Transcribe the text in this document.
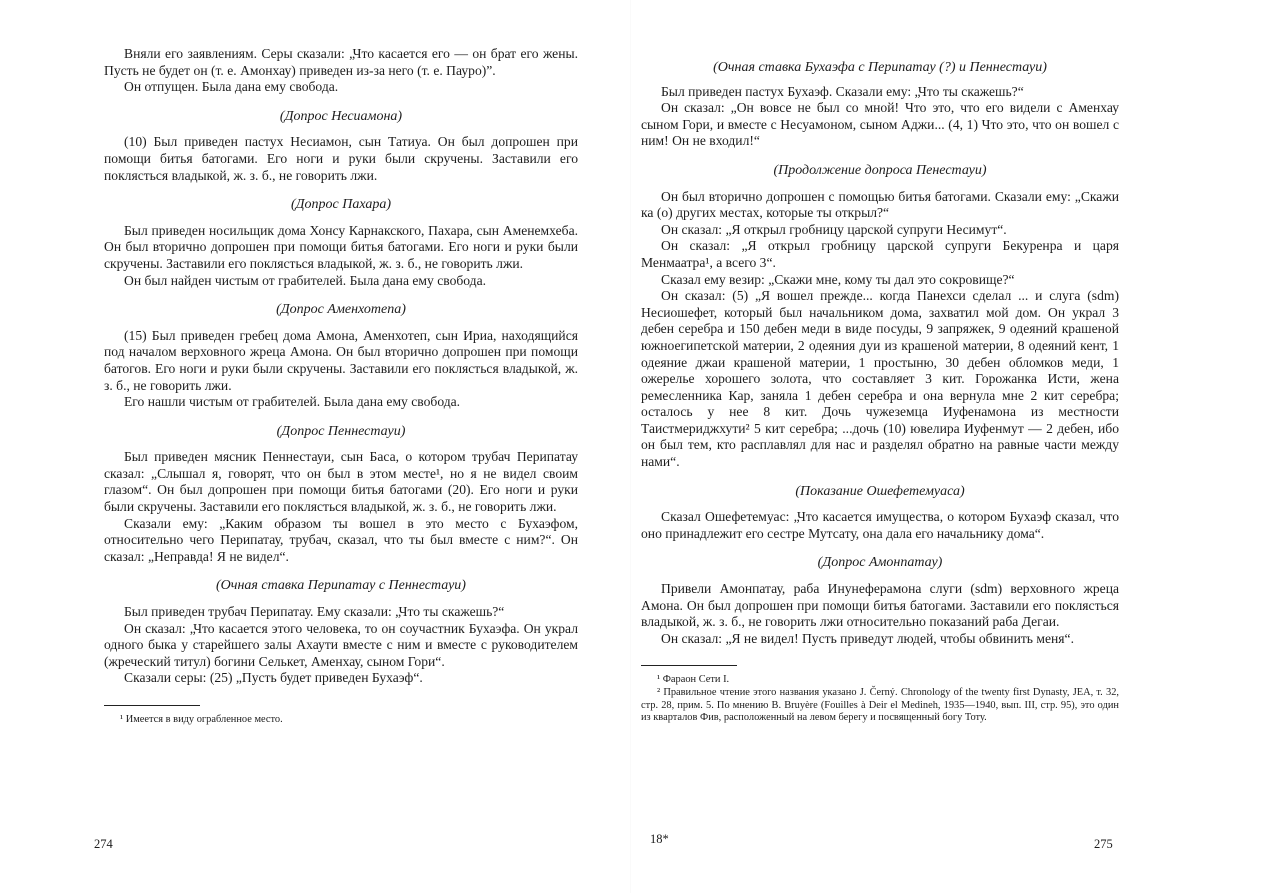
Вняли его заявлениям. Серы сказали: „Что касается его — он брат его жены. Пусть не будет он (т. е. Амонхау) приведен из-за него (т. е. Пауро)”.

Он отпущен. Была дана ему свобода.

(Допрос Несиамона)

(10) Был приведен пастух Несиамон, сын Татиуа. Он был допрошен при помощи битья батогами. Его ноги и руки были скручены. Заставили его поклясться владыкой, ж. з. б., не говорить лжи.

(Допрос Пахара)

Был приведен носильщик дома Хонсу Карнакского, Пахара, сын Аменемхеба. Он был вторично допрошен при помощи битья батогами. Его ноги и руки были скручены. Заставили его поклясться владыкой, ж. з. б., не говорить лжи.

Он был найден чистым от грабителей. Была дана ему свобода.

(Допрос Аменхотепа)

(15) Был приведен гребец дома Амона, Аменхотеп, сын Ириа, находящийся под началом верховного жреца Амона. Он был вторично допрошен при помощи батогов. Его ноги и руки были скручены. Заставили его поклясться владыкой, ж. з. б., не говорить лжи.

Его нашли чистым от грабителей. Была дана ему свобода.

(Допрос Пеннестауи)

Был приведен мясник Пеннестауи, сын Баса, о котором трубач Перипатау сказал: „Слышал я, говорят, что он был в этом месте¹, но я не видел своим глазом“. Он был допрошен при помощи битья батогами (20). Его ноги и руки были скручены. Заставили его поклясться владыкой, ж. з. б., не говорить лжи.

Сказали ему: „Каким образом ты вошел в это место с Бухаэфом, относительно чего Перипатау, трубач, сказал, что ты был вместе с ним?“. Он сказал: „Неправда! Я не видел“.

(Очная ставка Перипатау с Пеннестауи)

Был приведен трубач Перипатау. Ему сказали: „Что ты скажешь?“

Он сказал: „Что касается этого человека, то он соучастник Бухаэфа. Он украл одного быка у старейшего залы Ахаути вместе с ним и вместе с руководителем (жреческий титул) богини Селькет, Аменхау, сыном Гори“.

Сказали серы: (25) „Пусть будет приведен Бухаэф“.

¹ Имеется в виду ограбленное место.

274
(Очная ставка Бухаэфа с Перипатау (?) и Пеннестауи)

Был приведен пастух Бухаэф. Сказали ему: „Что ты скажешь?“

Он сказал: „Он вовсе не был со мной! Что это, что его видели с Аменхау сыном Гори, и вместе с Несуамоном, сыном Аджи... (4, 1) Что это, что он вошел с ним! Он не входил!“

(Продолжение допроса Пенестауи)

Он был вторично допрошен с помощью битья батогами. Сказали ему: „Скажи ка (о) других местах, которые ты открыл?“

Он сказал: „Я открыл гробницу царской супруги Несимут“.

Он сказал: „Я открыл гробницу царской супруги Бекуренра и царя Менмаатра¹, а всего 3“.

Сказал ему везир: „Скажи мне, кому ты дал это сокровище?“

Он сказал: (5) „Я вошел прежде... когда Панехси сделал ... и слуга (sdm) Несиошефет, который был начальником дома, захватил мой дом. Он украл 3 дебен серебра и 150 дебен меди в виде посуды, 9 запряжек, 9 одеяний крашеной южноегипетской материи, 2 одеяния дуи из крашеной материи, 8 одеяний кент, 1 одеяние джаи крашеной материи, 1 простыню, 30 дебен обломков меди, 1 ожерелье хорошего золота, что составляет 3 кит. Горожанка Исти, жена ремесленника Кар, заняла 1 дебен серебра и она вернула мне 2 кит серебра; осталось у нее 8 кит. Дочь чужеземца Иуфенамона из местности Таистмериджхути² 5 кит серебра; ...дочь (10) ювелира Иуфенмут — 2 дебен, ибо он был тем, кто расплавлял для нас и разделял обратно на равные части между нами“.

(Показание Ошефетемуаса)

Сказал Ошефетемуас: „Что касается имущества, о котором Бухаэф сказал, что оно принадлежит его сестре Мутсату, она дала его начальнику дома“.

(Допрос Амонпатау)

Привели Амонпатау, раба Инунеферамона слуги (sdm) верховного жреца Амона. Он был допрошен при помощи битья батогами. Заставили его поклясться владыкой, ж. з. б., не говорить лжи относительно показаний раба Дегаи.

Он сказал: „Я не видел! Пусть приведут людей, чтобы обвинить меня“.

¹ Фараон Сети I.

² Правильное чтение этого названия указано J. Černý. Chronology of the twenty first Dynasty, JEA, т. 32, стр. 28, прим. 5. По мнению B. Bruyère (Fouilles à Deir el Medineh, 1935—1940, вып. III, стр. 95), это один из кварталов Фив, расположенный на левом берегу и посвященный богу Тоту.

18*	275
